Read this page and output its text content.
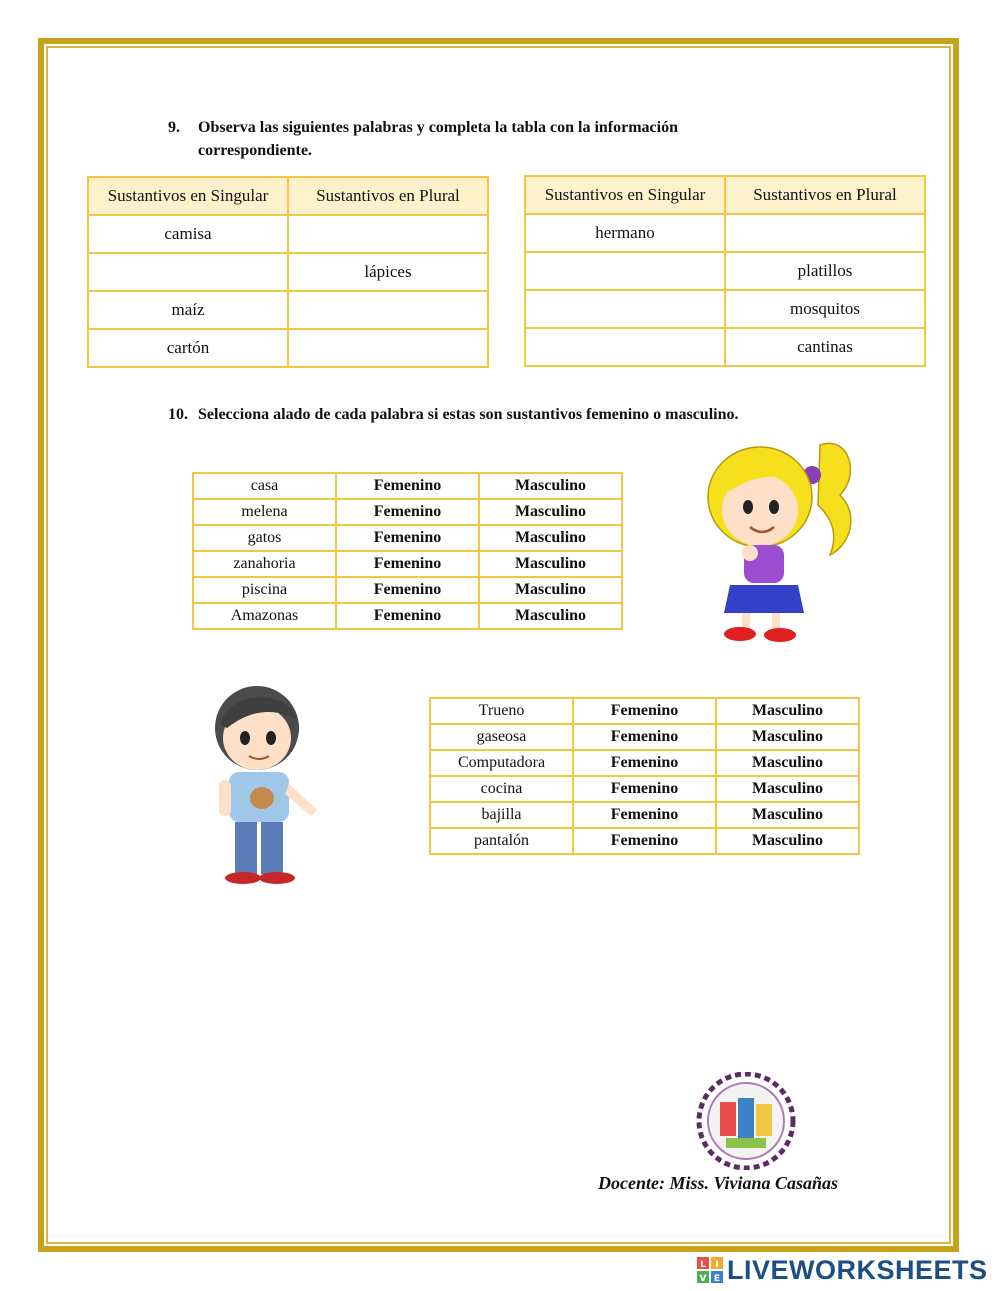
9. Observa las siguientes palabras y completa la tabla con la información
correspondiente.
Sustantivos en Singular	Sustantivos en Plural
camisa	
	lápices
maíz	
cartón	
Sustantivos en Singular	Sustantivos en Plural
hermano	
	platillos
	mosquitos
	cantinas
10. Selecciona alado de cada palabra si estas son sustantivos femenino o masculino.
casa	Femenino	Masculino
melena	Femenino	Masculino
gatos	Femenino	Masculino
zanahoria	Femenino	Masculino
piscina	Femenino	Masculino
Amazonas	Femenino	Masculino
Trueno	Femenino	Masculino
gaseosa	Femenino	Masculino
Computadora	Femenino	Masculino
cocina	Femenino	Masculino
bajilla	Femenino	Masculino
pantalón	Femenino	Masculino
Docente: Miss. Viviana Casañas
L I
V E LIVEWORKSHEETS
